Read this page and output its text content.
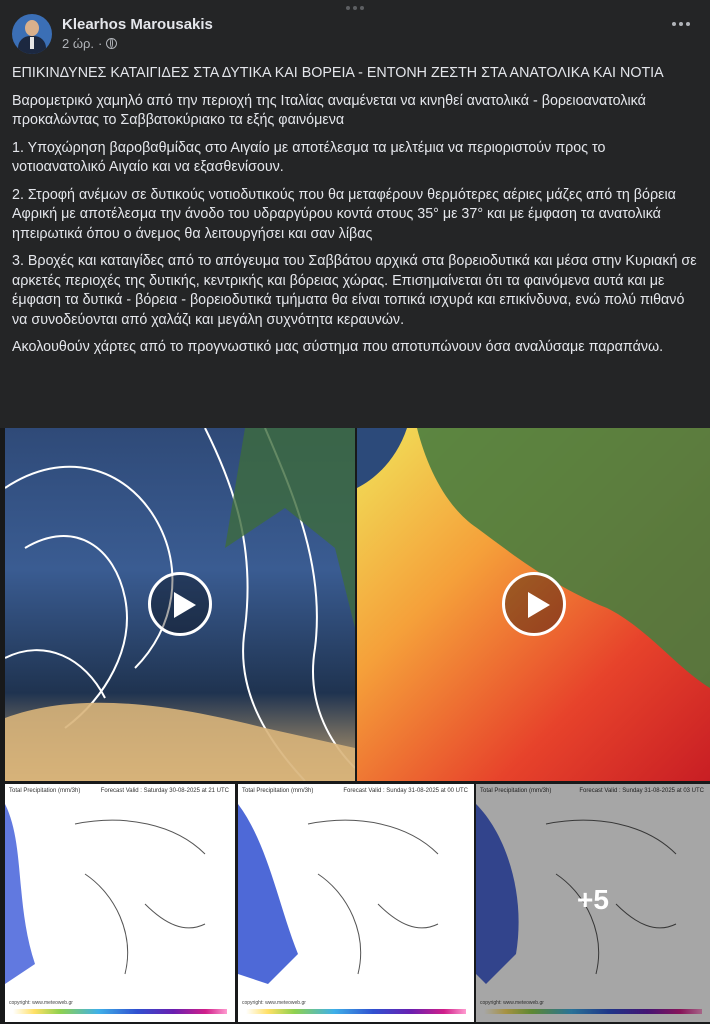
Klearhos Marousakis
2 ώρ. ·

ΕΠΙΚΙΝΔΥΝΕΣ ΚΑΤΑΙΓΙΔΕΣ ΣΤΑ ΔΥΤΙΚΑ ΚΑΙ ΒΟΡΕΙΑ - ΕΝΤΟΝΗ ΖΕΣΤΗ ΣΤΑ ΑΝΑΤΟΛΙΚΑ ΚΑΙ ΝΟΤΙΑ

Βαρομετρικό χαμηλό από την περιοχή της Ιταλίας αναμένεται να κινηθεί ανατολικά - βορειοανατολικά προκαλώντας το Σαββατοκύριακο τα εξής φαινόμενα

1. Υποχώρηση βαροβαθμίδας στο Αιγαίο με αποτέλεσμα τα μελτέμια να περιοριστούν προς το νοτιοανατολικό Αιγαίο και να εξασθενίσουν.

2. Στροφή ανέμων σε δυτικούς νοτιοδυτικούς που θα μεταφέρουν θερμότερες αέριες μάζες από τη βόρεια Αφρική με αποτέλεσμα την άνοδο του υδραργύρου κοντά στους 35° με 37° και με έμφαση τα ανατολικά ηπειρωτικά όπου ο άνεμος θα λειτουργήσει και σαν λίβας

3. Βροχές και καταιγίδες από το απόγευμα του Σαββάτου αρχικά στα βορειοδυτικά και μέσα στην Κυριακή σε αρκετές περιοχές της δυτικής, κεντρικής και βόρειας χώρας. Επισημαίνεται ότι τα φαινόμενα αυτά και με έμφαση τα δυτικά - βόρεια - βορειοδυτικά τμήματα θα είναι τοπικά ισχυρά και επικίνδυνα, ενώ πολύ πιθανό να συνοδεύονται από χαλάζι και μεγάλη συχνότητα κεραυνών.

Ακολουθούν χάρτες από το προγνωστικό μας σύστημα που αποτυπώνουν όσα αναλύσαμε παραπάνω.

Total Precipitation (mm/3h)	Forecast Valid : Saturday 30-08-2025 at 21 UTC
copyright: www.meteoweb.gr
Total Precipitation (mm/3h)	Forecast Valid : Sunday 31-08-2025 at 00 UTC
copyright: www.meteoweb.gr
Total Precipitation (mm/3h)	Forecast Valid : Sunday 31-08-2025 at 03 UTC
copyright: www.meteoweb.gr
+5
